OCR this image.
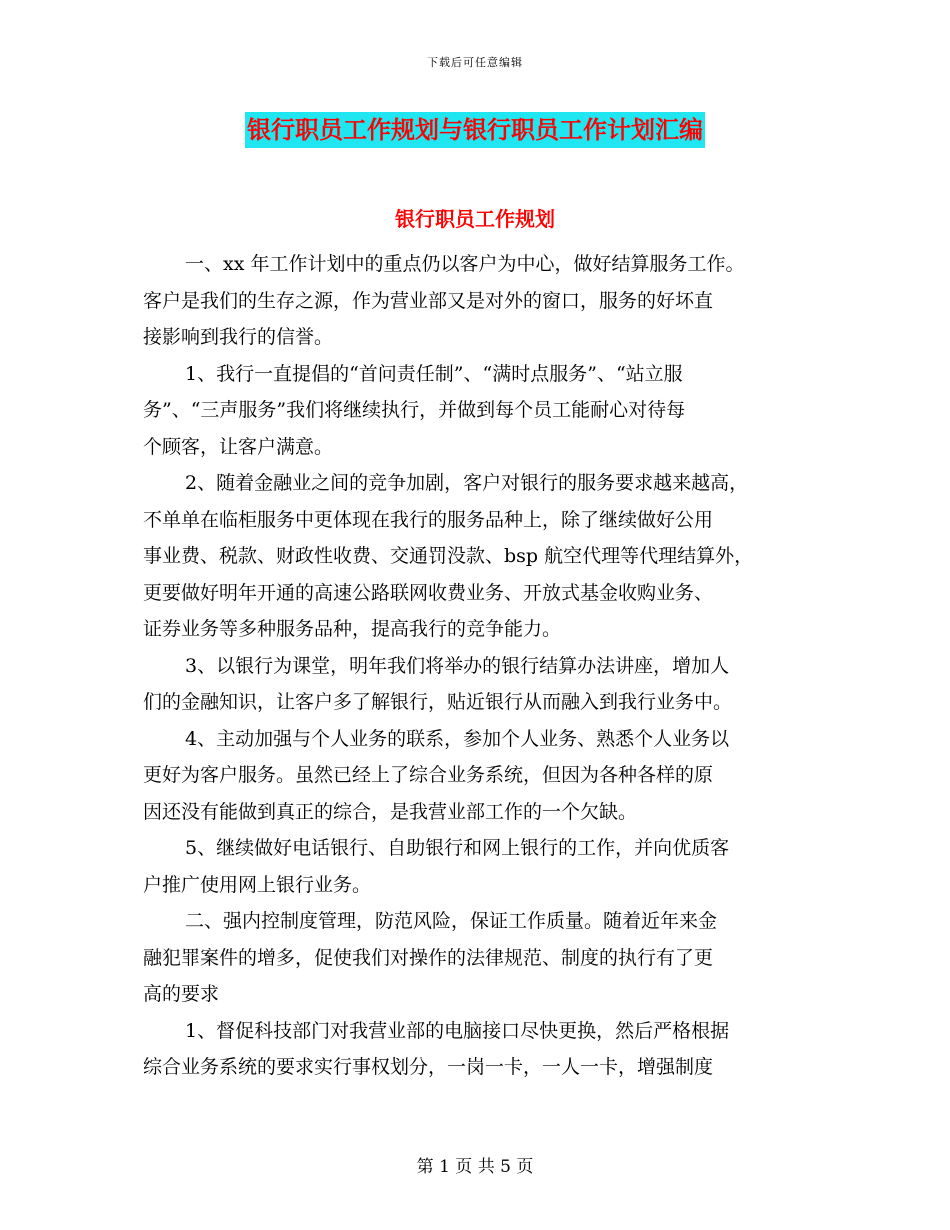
下载后可任意编辑
银行职员工作规划与银行职员工作计划汇编
银行职员工作规划
一、xx 年工作计划中的重点仍以客户为中心，做好结算服务工作。
客户是我们的生存之源，作为营业部又是对外的窗口，服务的好坏直
接影响到我行的信誉。
1、我行一直提倡的“首问责任制”、“满时点服务”、“站立服
务”、“三声服务”我们将继续执行，并做到每个员工能耐心对待每
个顾客，让客户满意。
2、随着金融业之间的竞争加剧，客户对银行的服务要求越来越高，
不单单在临柜服务中更体现在我行的服务品种上，除了继续做好公用
事业费、税款、财政性收费、交通罚没款、bsp 航空代理等代理结算外，
更要做好明年开通的高速公路联网收费业务、开放式基金收购业务、
证券业务等多种服务品种，提高我行的竞争能力。
3、以银行为课堂，明年我们将举办的银行结算办法讲座，增加人
们的金融知识，让客户多了解银行，贴近银行从而融入到我行业务中。
4、主动加强与个人业务的联系，参加个人业务、熟悉个人业务以
更好为客户服务。虽然已经上了综合业务系统，但因为各种各样的原
因还没有能做到真正的综合，是我营业部工作的一个欠缺。
5、继续做好电话银行、自助银行和网上银行的工作，并向优质客
户推广使用网上银行业务。
二、强内控制度管理，防范风险，保证工作质量。随着近年来金
融犯罪案件的增多，促使我们对操作的法律规范、制度的执行有了更
高的要求
1、督促科技部门对我营业部的电脑接口尽快更换，然后严格根据
综合业务系统的要求实行事权划分，一岗一卡，一人一卡，增强制度
第 1 页 共 5 页
